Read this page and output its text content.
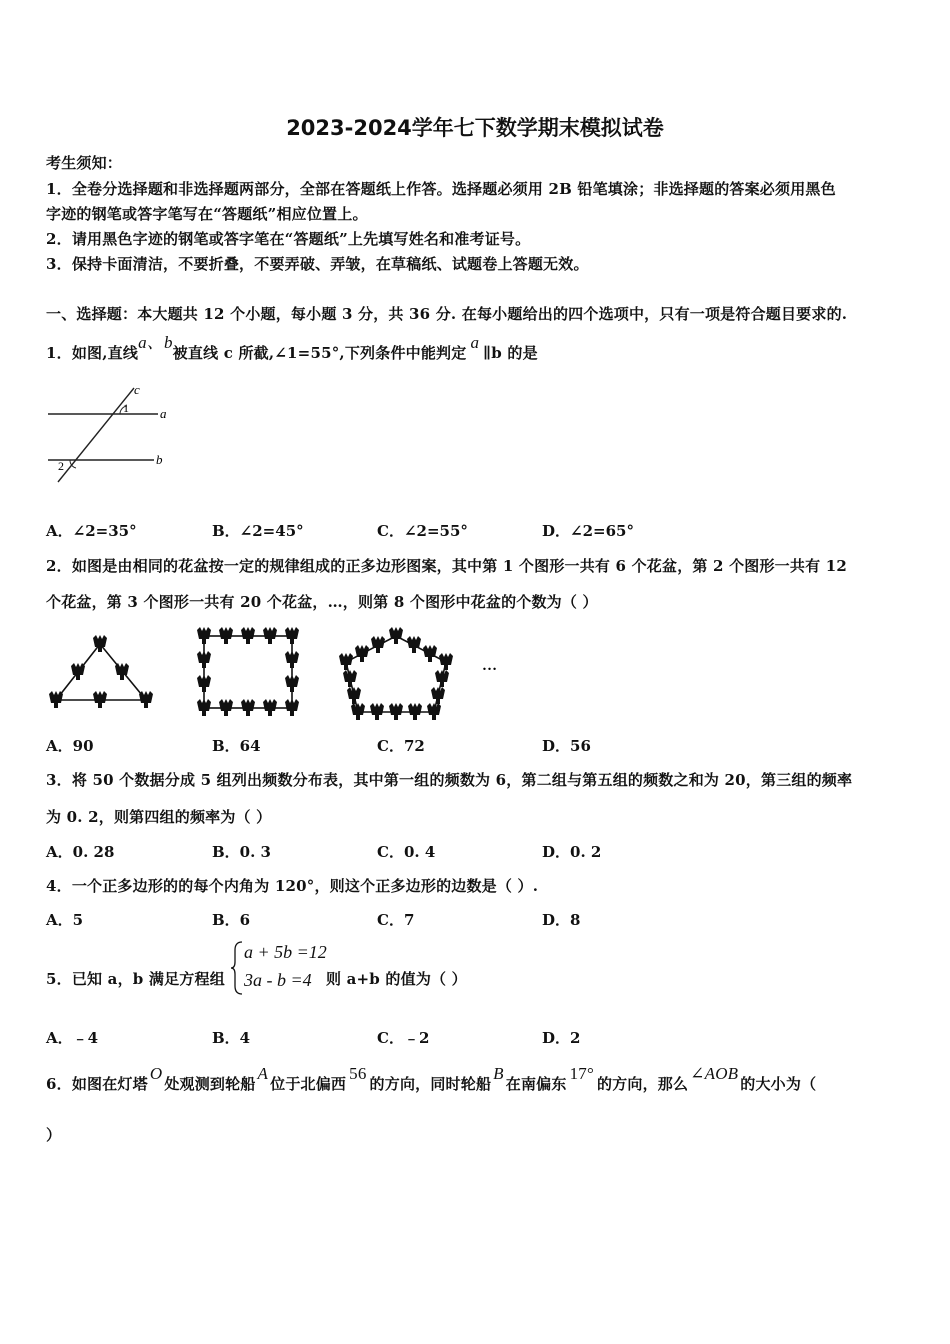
2023-2024学年七下数学期末模拟试卷
考生须知：
1．全卷分选择题和非选择题两部分，全部在答题纸上作答。选择题必须用 2B 铅笔填涂；非选择题的答案必须用黑色
字迹的钢笔或答字笔写在“答题纸”相应位置上。
2．请用黑色字迹的钢笔或答字笔在“答题纸”上先填写姓名和准考证号。
3．保持卡面清洁，不要折叠，不要弄破、弄皱，在草稿纸、试题卷上答题无效。
一、选择题：本大题共 12 个小题，每小题 3 分，共 36 分. 在每小题给出的四个选项中，只有一项是符合题目要求的.
1．如图,直线a、b被直线 c 所截,∠1=55°,下列条件中能判定a∥b 的是
c
a
b
1
2
A．∠2=35°	B．∠2=45°	C．∠2=55°	D．∠2=65°
2．如图是由相同的花盆按一定的规律组成的正多边形图案，其中第 1 个图形一共有 6 个花盆，第 2 个图形一共有 12
个花盆，第 3 个图形一共有 20 个花盆，…，则第 8 个图形中花盆的个数为（ ）
…
A．90	B．64	C．72	D．56
3．将 50 个数据分成 5 组列出频数分布表，其中第一组的频数为 6，第二组与第五组的频数之和为 20，第三组的频率
为 0. 2，则第四组的频率为（ ）
A．0. 28	B．0. 3	C．0. 4	D．0. 2
4．一个正多边形的的每个内角为 120°，则这个正多边形的边数是（ ）.
A．5	B．6	C．7	D．8
5．已知 a，b 满足方程组
a + 5b =12
3a - b =4 则 a+b 的值为（ ）
A．﹣4	B．4	C．﹣2	D．2
6．如图在灯塔O处观测到轮船A位于北偏西56的方向，同时轮船B在南偏东17°的方向，那么∠AOB的大小为（
）
